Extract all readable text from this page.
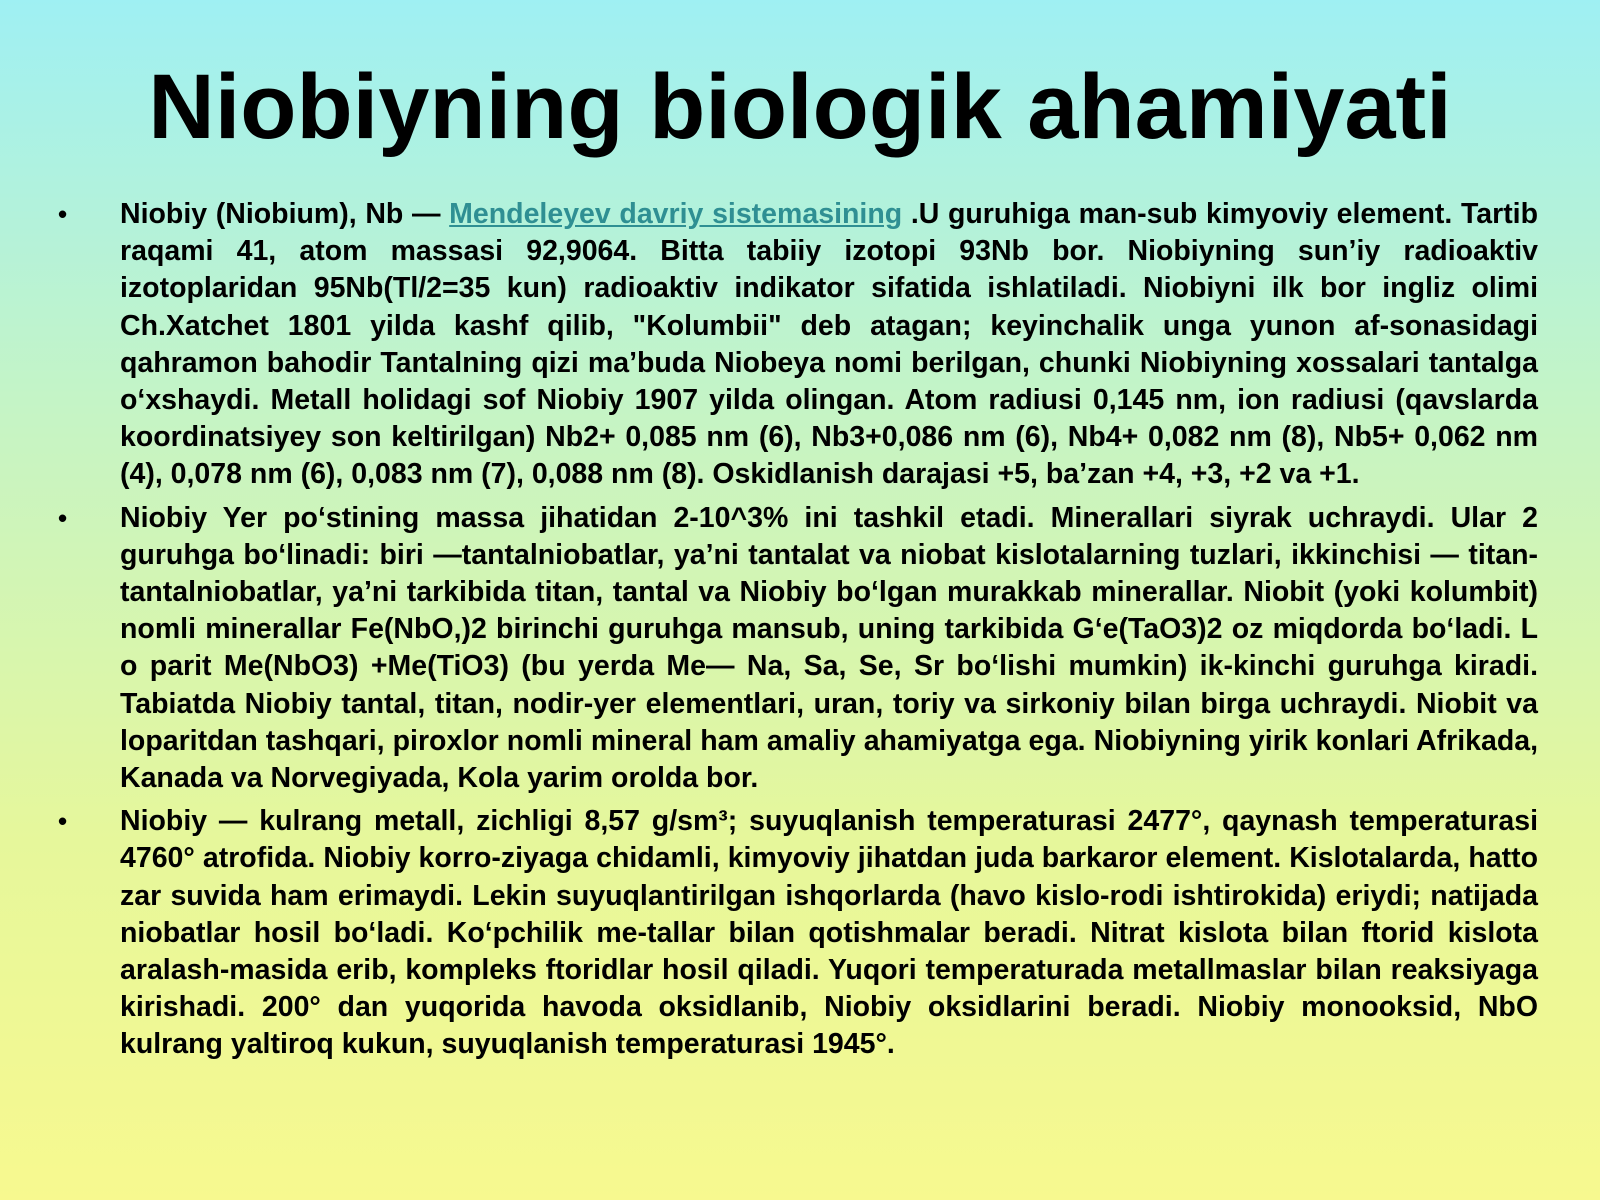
Niobiyning biologik ahamiyati
• Niobiy (Niobium), Nb — Mendeleyev davriy sistemasining .U guruhiga man-sub kimyoviy element. Tartib raqami 41, atom massasi 92,9064. Bitta tabiiy izotopi 93Nb bor. Niobiyning sun’iy radioaktiv izotoplaridan 95Nb(Tl/2=35 kun) radioaktiv indikator sifatida ishlatiladi. Niobiyni ilk bor ingliz olimi Ch.Xatchet 1801 yilda kashf qilib, "Kolumbii" deb atagan; keyinchalik unga yunon af-sonasidagi qahramon bahodir Tantalning qizi ma’buda Niobeya nomi berilgan, chunki Niobiyning xossalari tantalga o‘xshaydi. Metall holidagi sof Niobiy 1907 yilda olingan. Atom radiusi 0,145 nm, ion radiusi (qavslarda koordinatsiyey son keltirilgan) Nb2+ 0,085 nm (6), Nb3+0,086 nm (6), Nb4+ 0,082 nm (8), Nb5+ 0,062 nm (4), 0,078 nm (6), 0,083 nm (7), 0,088 nm (8). Oskidlanish darajasi +5, ba’zan +4, +3, +2 va +1.
• Niobiy Yer po‘stining massa jihatidan 2-10^3% ini tashkil etadi. Minerallari siyrak uchraydi. Ular 2 guruhga bo‘linadi: biri —tantalniobatlar, ya’ni tantalat va niobat kislotalarning tuzlari, ikkinchisi — titan-tantalniobatlar, ya’ni tarkibida titan, tantal va Niobiy bo‘lgan murakkab minerallar. Niobit (yoki kolumbit) nomli minerallar Fe(NbO,)2 birinchi guruhga mansub, uning tarkibida G‘e(TaO3)2 oz miqdorda bo‘ladi. L o parit Me(NbO3) +Me(TiO3) (bu yerda Me— Na, Sa, Se, Sr bo‘lishi mumkin) ik-kinchi guruhga kiradi. Tabiatda Niobiy tantal, titan, nodir-yer elementlari, uran, toriy va sirkoniy bilan birga uchraydi. Niobit va loparitdan tashqari, piroxlor nomli mineral ham amaliy ahamiyatga ega. Niobiyning yirik konlari Afrikada, Kanada va Norvegiyada, Kola yarim orolda bor.
• Niobiy — kulrang metall, zichligi 8,57 g/sm³; suyuqlanish temperaturasi 2477°, qaynash temperaturasi 4760° atrofida. Niobiy korro-ziyaga chidamli, kimyoviy jihatdan juda barkaror element. Kislotalarda, hatto zar suvida ham erimaydi. Lekin suyuqlantirilgan ishqorlarda (havo kislo-rodi ishtirokida) eriydi; natijada niobatlar hosil bo‘ladi. Ko‘pchilik me-tallar bilan qotishmalar beradi. Nitrat kislota bilan ftorid kislota aralash-masida erib, kompleks ftoridlar hosil qiladi. Yuqori temperaturada metallmaslar bilan reaksiyaga kirishadi. 200° dan yuqorida havoda oksidlanib, Niobiy oksidlarini beradi. Niobiy monooksid, NbO kulrang yaltiroq kukun, suyuqlanish temperaturasi 1945°.
